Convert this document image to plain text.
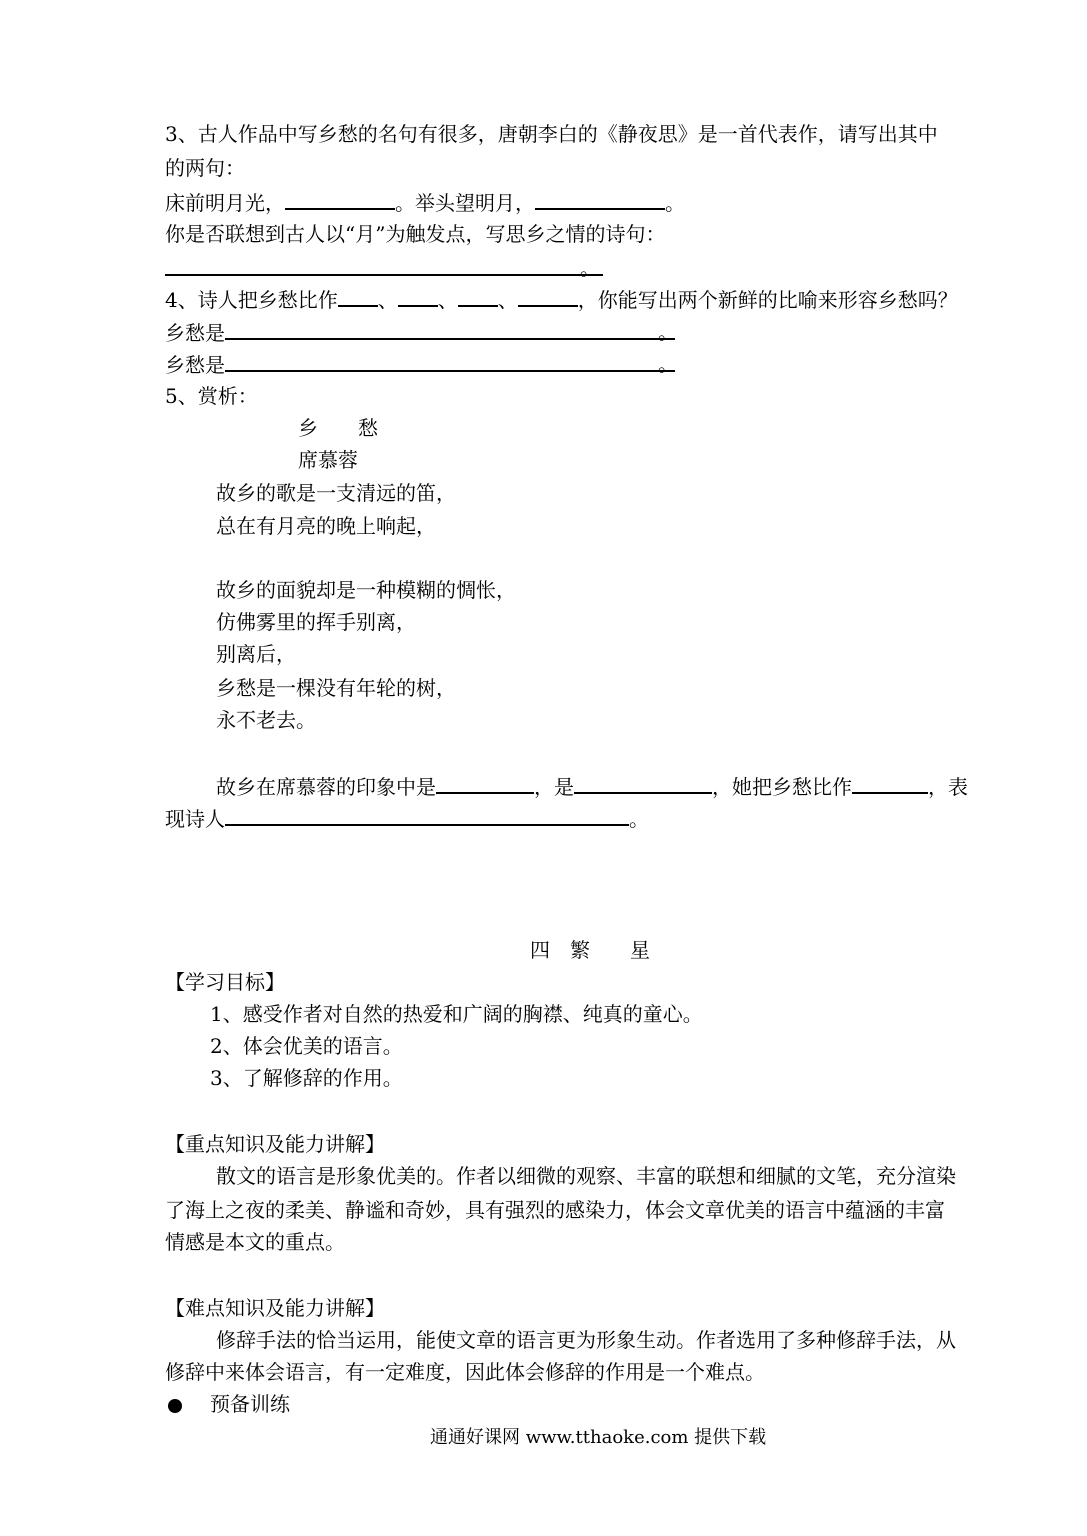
3、古人作品中写乡愁的名句有很多，唐朝李白的《静夜思》是一首代表作，请写出其中
的两句：
床前明月光，	。举头望明月，	。
你是否联想到古人以“月”为触发点，写思乡之情的诗句：
。
4、诗人把乡愁比作 、 、 、	，你能写出两个新鲜的比喻来形容乡愁吗？
乡愁是	。
乡愁是	。
5、赏析：
乡　　愁
席慕蓉
故乡的歌是一支清远的笛，
总在有月亮的晚上响起，
故乡的面貌却是一种模糊的惆怅，
仿佛雾里的挥手别离，
别离后，
乡愁是一棵没有年轮的树，
永不老去。
故乡在席慕蓉的印象中是	，是	，她把乡愁比作	，表
现诗人	。
四　繁　　星
【学习目标】
1、感受作者对自然的热爱和广阔的胸襟、纯真的童心。
2、体会优美的语言。
3、了解修辞的作用。
【重点知识及能力讲解】
散文的语言是形象优美的。作者以细微的观察、丰富的联想和细腻的文笔，充分渲染
了海上之夜的柔美、静谧和奇妙，具有强烈的感染力，体会文章优美的语言中蕴涵的丰富
情感是本文的重点。
【难点知识及能力讲解】
修辞手法的恰当运用，能使文章的语言更为形象生动。作者选用了多种修辞手法，从
修辞中来体会语言，有一定难度，因此体会修辞的作用是一个难点。
预备训练
通通好课网 www.tthaoke.com 提供下载
